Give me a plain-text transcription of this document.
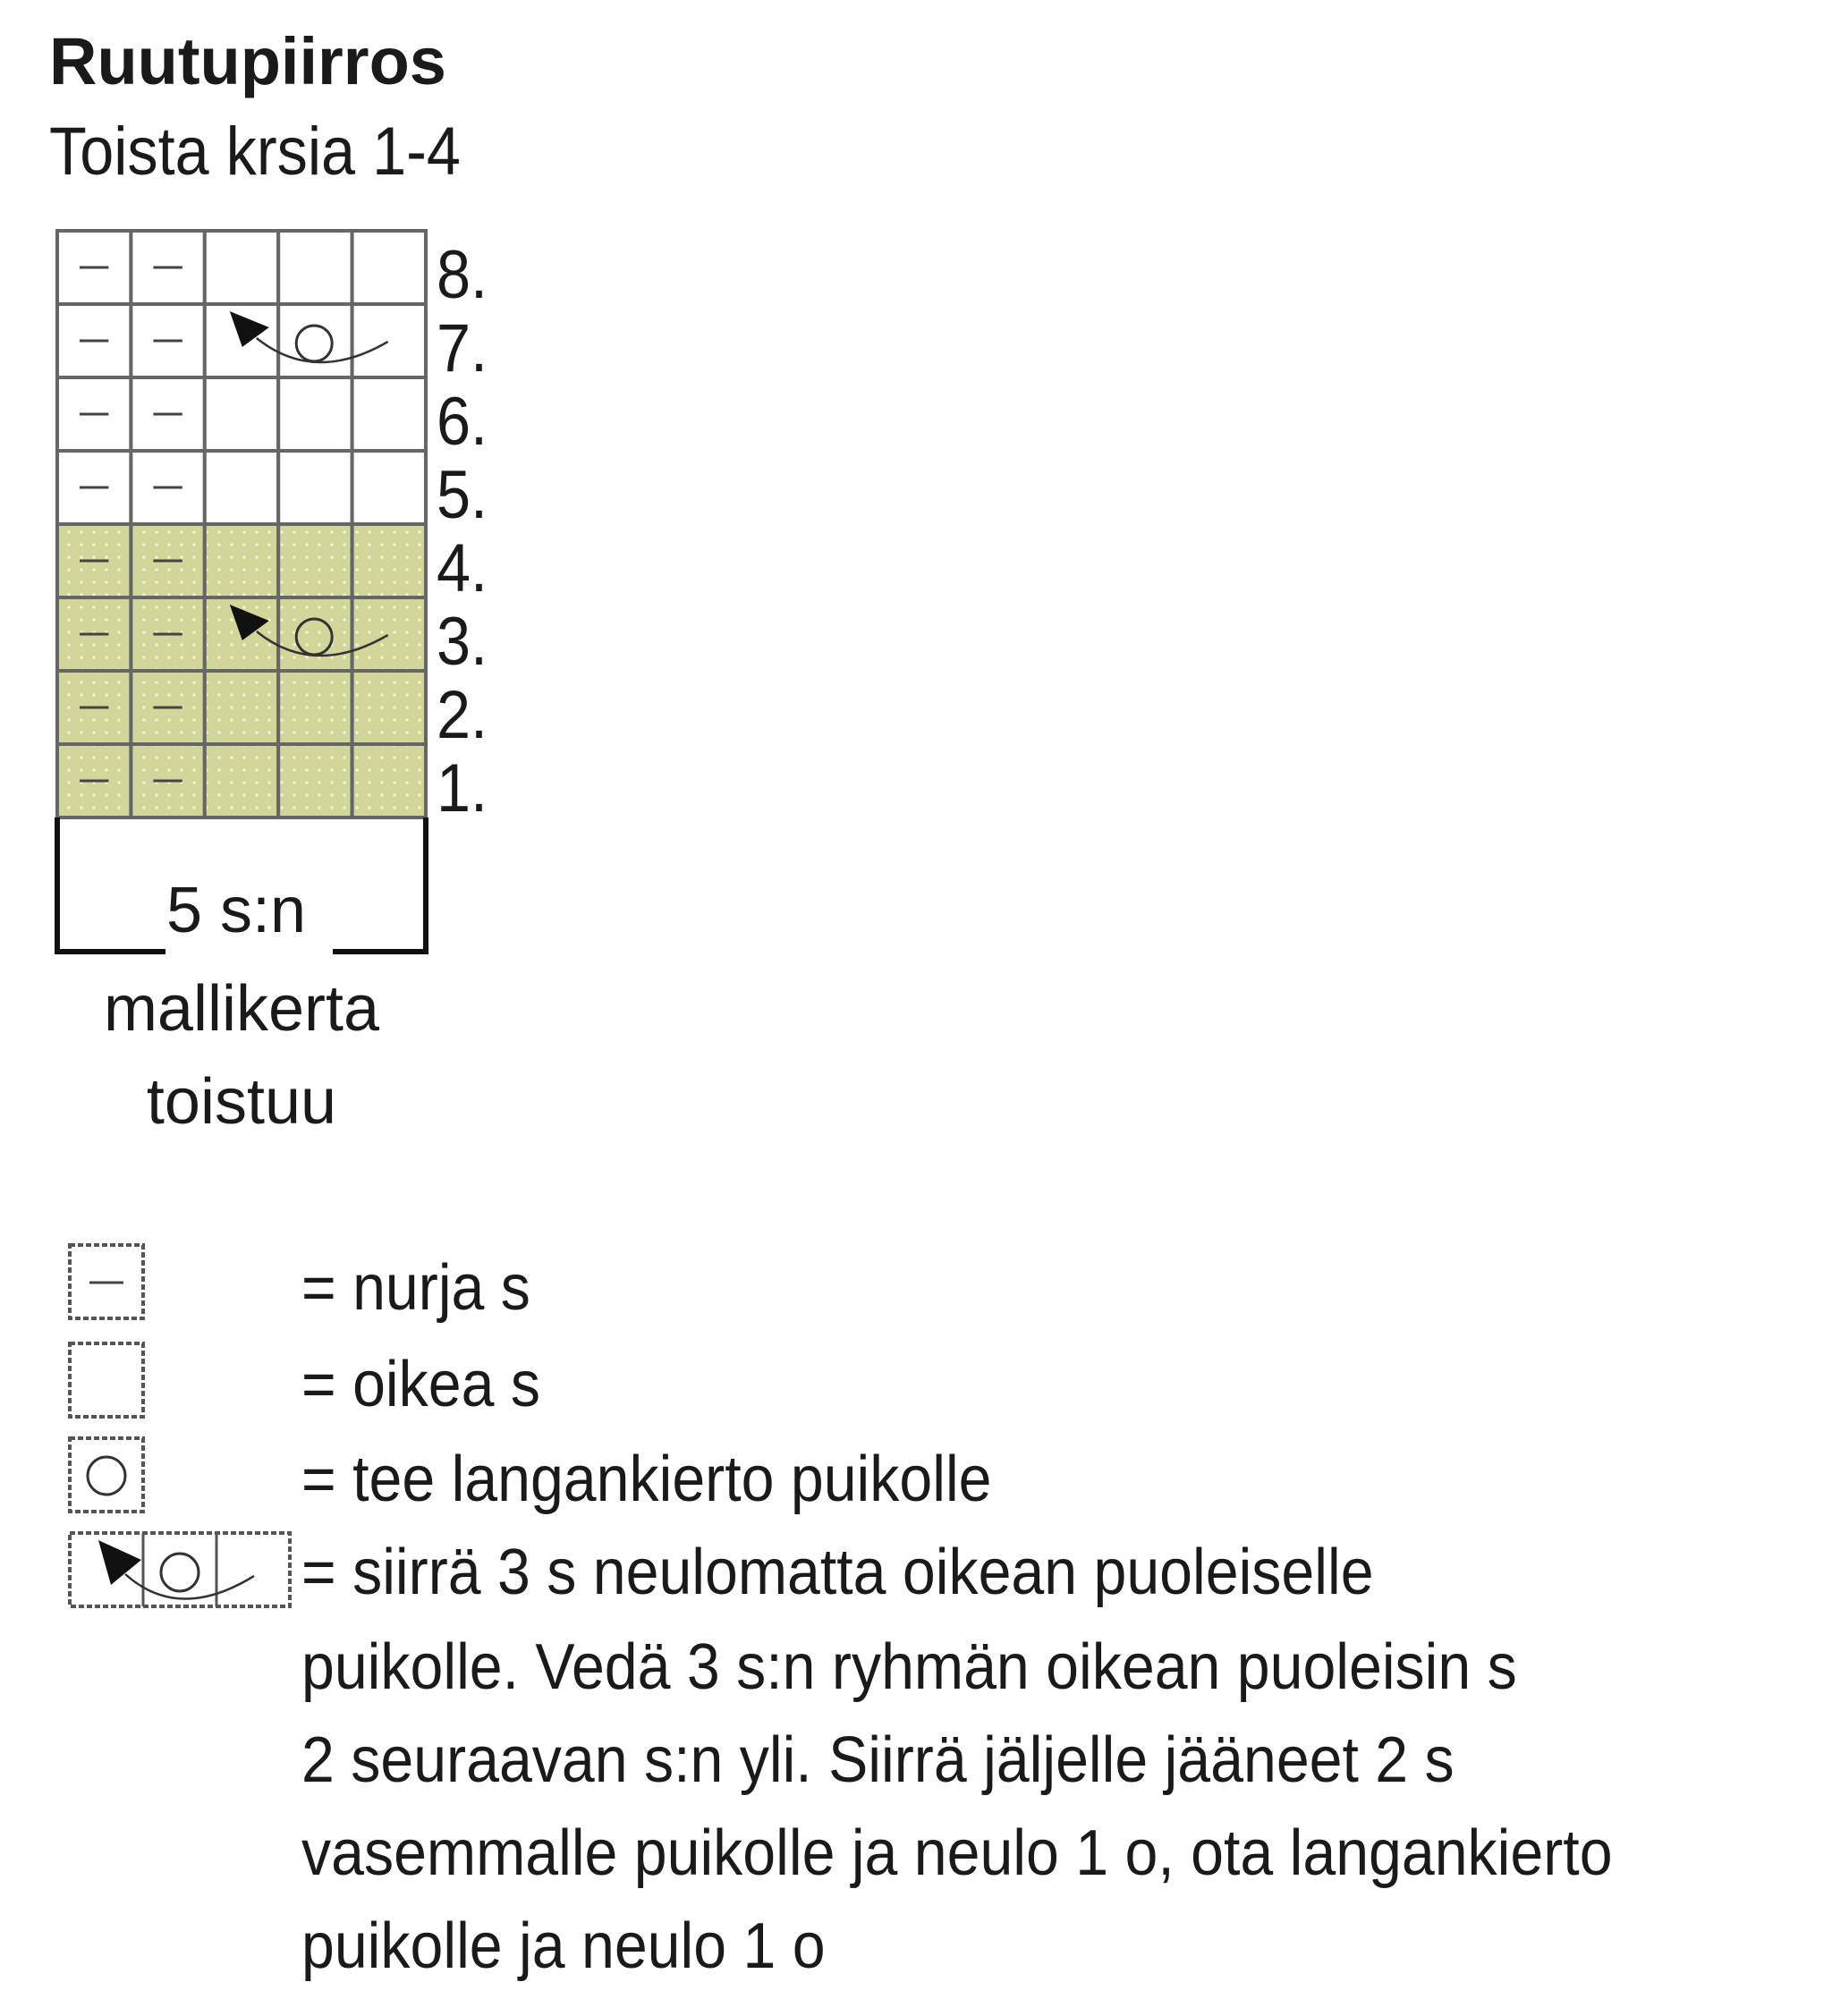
Ruutupiirros
Toista krsia 1-4
8.
7.
6.
5.
4.
3.
2.
1.
5 s:n
mallikerta
toistuu
= nurja s
= oikea s
= tee langankierto puikolle
= siirrä 3 s neulomatta oikean puoleiselle
puikolle. Vedä 3 s:n ryhmän oikean puoleisin s
2 seuraavan s:n yli. Siirrä jäljelle jääneet 2 s
vasemmalle puikolle ja neulo 1 o, ota langankierto
puikolle ja neulo 1 o
